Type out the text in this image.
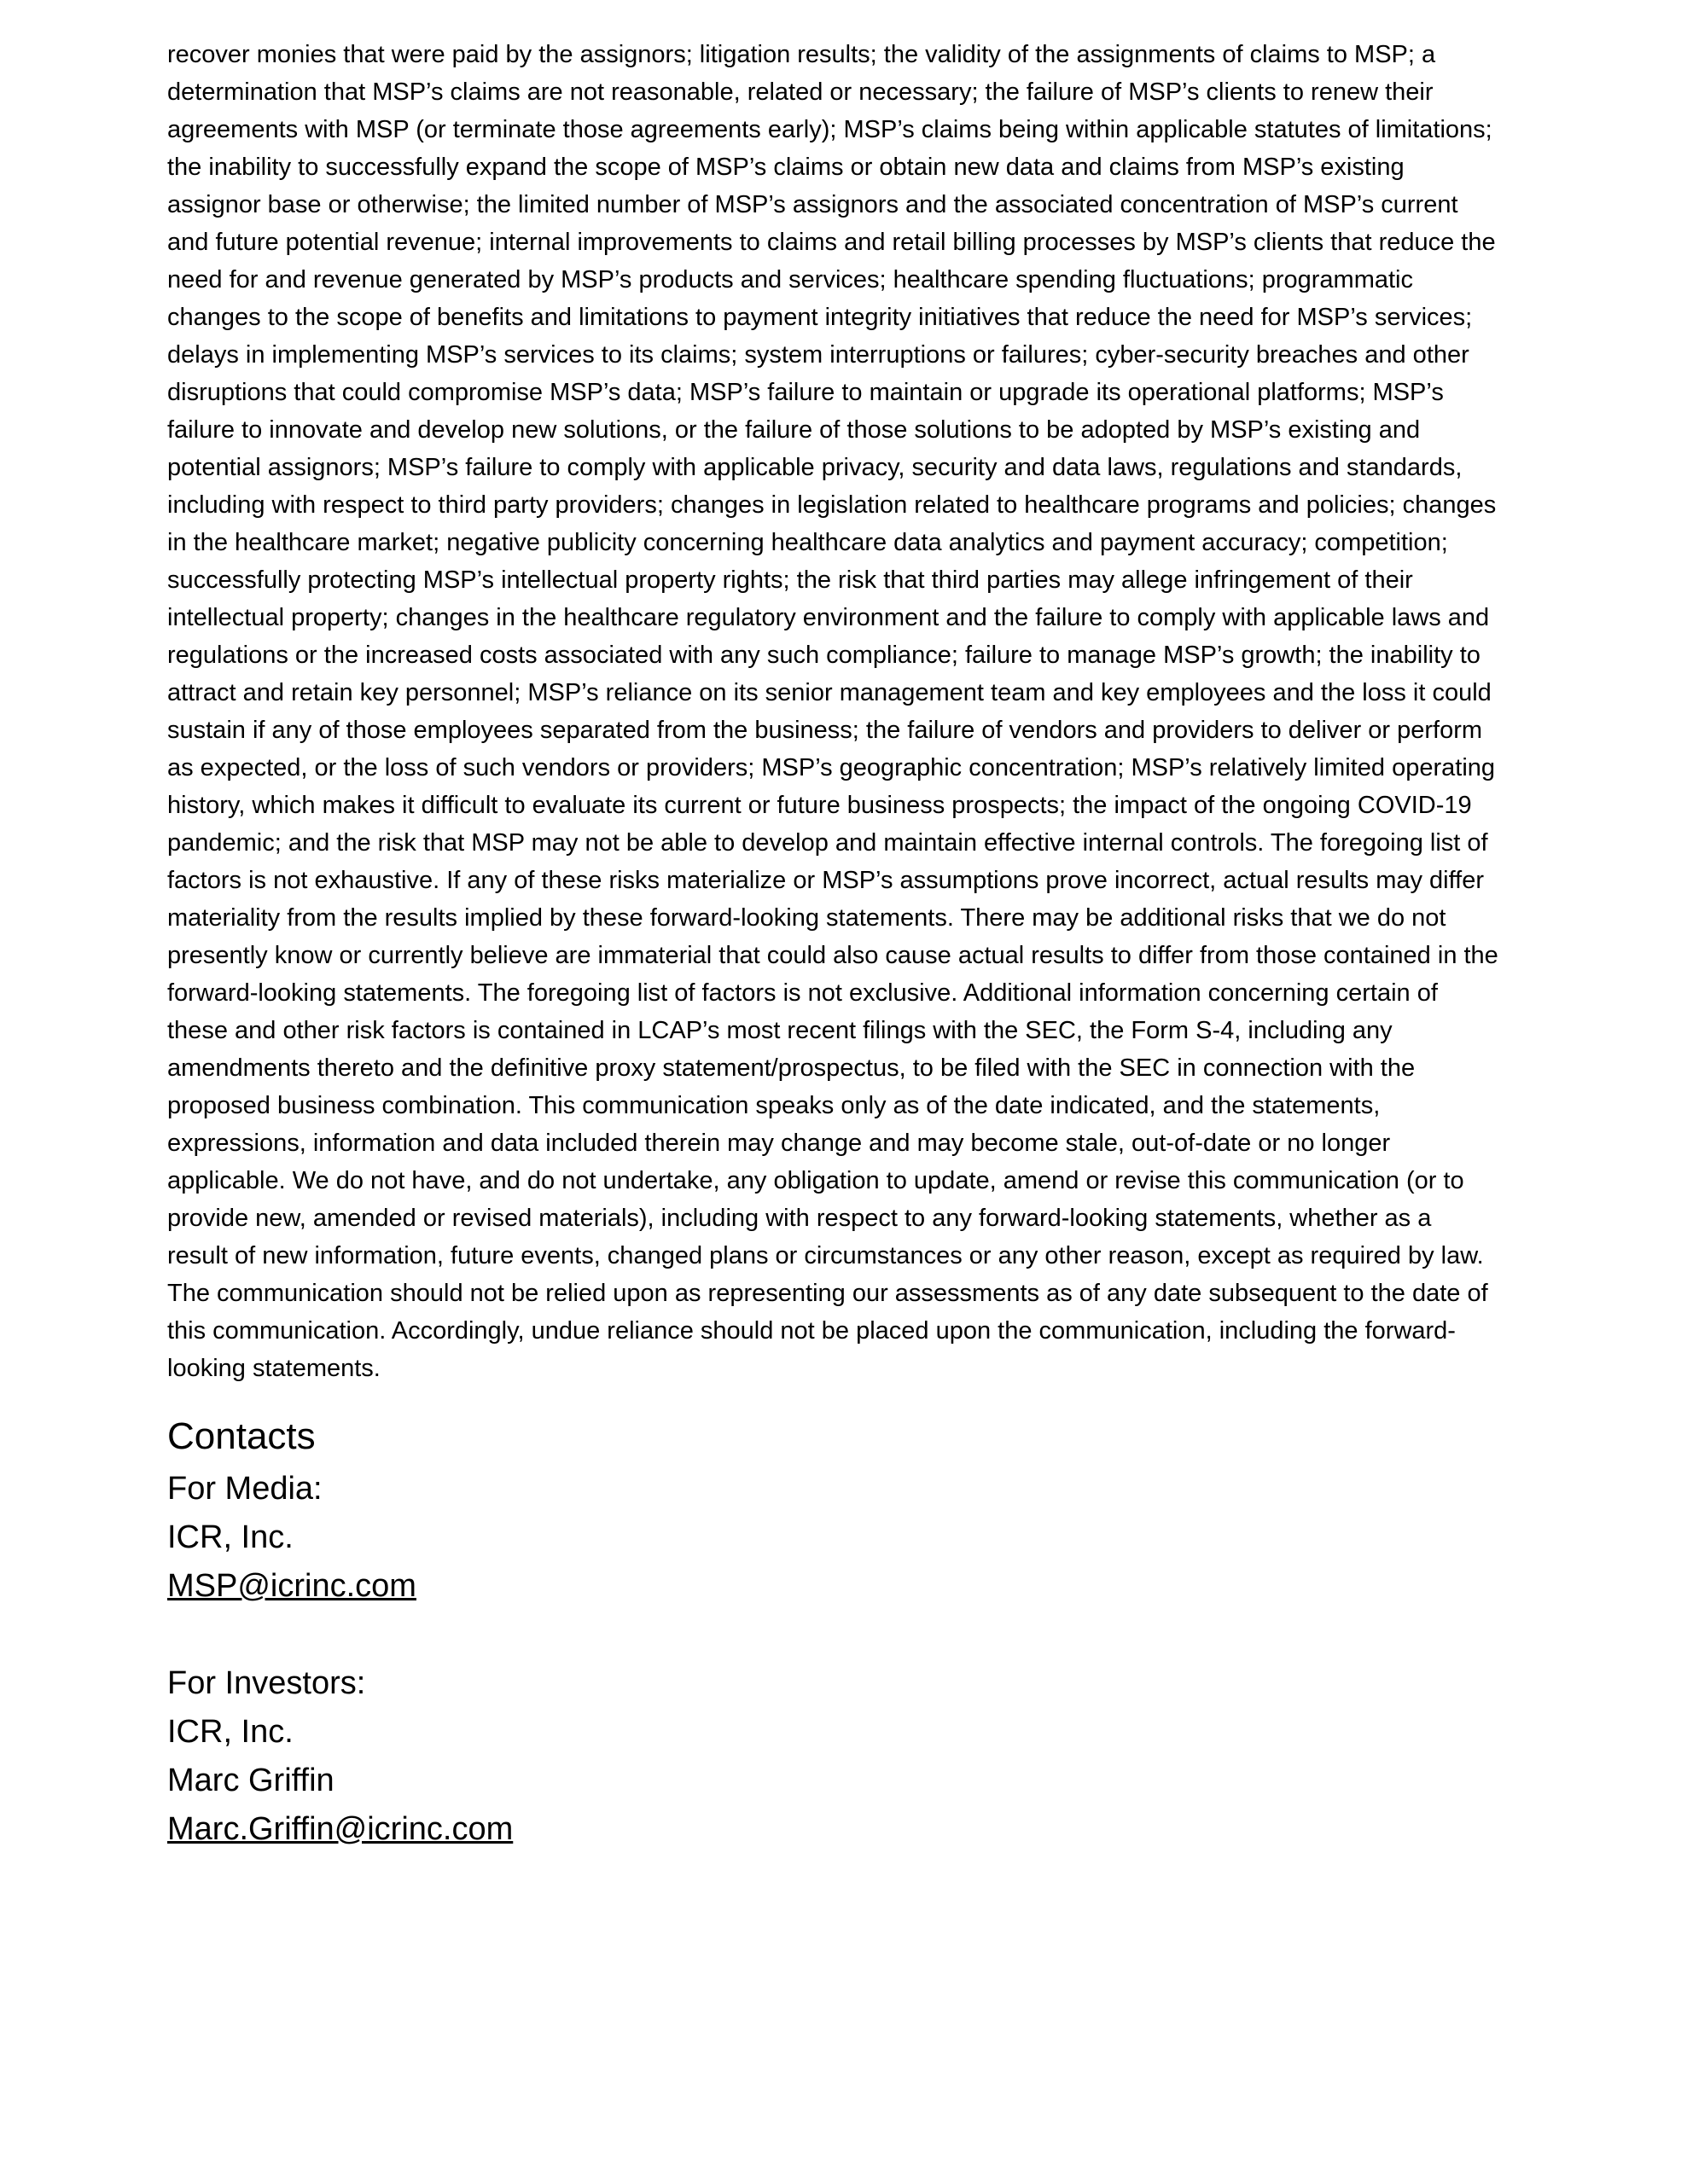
recover monies that were paid by the assignors; litigation results; the validity of the assignments of claims to MSP; a determination that MSP’s claims are not reasonable, related or necessary; the failure of MSP’s clients to renew their agreements with MSP (or terminate those agreements early); MSP’s claims being within applicable statutes of limitations; the inability to successfully expand the scope of MSP’s claims or obtain new data and claims from MSP’s existing assignor base or otherwise; the limited number of MSP’s assignors and the associated concentration of MSP’s current and future potential revenue; internal improvements to claims and retail billing processes by MSP’s clients that reduce the need for and revenue generated by MSP’s products and services; healthcare spending fluctuations; programmatic changes to the scope of benefits and limitations to payment integrity initiatives that reduce the need for MSP’s services; delays in implementing MSP’s services to its claims; system interruptions or failures; cyber-security breaches and other disruptions that could compromise MSP’s data; MSP’s failure to maintain or upgrade its operational platforms; MSP’s failure to innovate and develop new solutions, or the failure of those solutions to be adopted by MSP’s existing and potential assignors; MSP’s failure to comply with applicable privacy, security and data laws, regulations and standards, including with respect to third party providers; changes in legislation related to healthcare programs and policies; changes in the healthcare market; negative publicity concerning healthcare data analytics and payment accuracy; competition; successfully protecting MSP’s intellectual property rights; the risk that third parties may allege infringement of their intellectual property; changes in the healthcare regulatory environment and the failure to comply with applicable laws and regulations or the increased costs associated with any such compliance; failure to manage MSP’s growth; the inability to attract and retain key personnel; MSP’s reliance on its senior management team and key employees and the loss it could sustain if any of those employees separated from the business; the failure of vendors and providers to deliver or perform as expected, or the loss of such vendors or providers; MSP’s geographic concentration; MSP’s relatively limited operating history, which makes it difficult to evaluate its current or future business prospects; the impact of the ongoing COVID-19 pandemic; and the risk that MSP may not be able to develop and maintain effective internal controls. The foregoing list of factors is not exhaustive. If any of these risks materialize or MSP’s assumptions prove incorrect, actual results may differ materiality from the results implied by these forward-looking statements. There may be additional risks that we do not presently know or currently believe are immaterial that could also cause actual results to differ from those contained in the forward-looking statements. The foregoing list of factors is not exclusive. Additional information concerning certain of these and other risk factors is contained in LCAP’s most recent filings with the SEC, the Form S-4, including any amendments thereto and the definitive proxy statement/prospectus, to be filed with the SEC in connection with the proposed business combination. This communication speaks only as of the date indicated, and the statements, expressions, information and data included therein may change and may become stale, out-of-date or no longer applicable. We do not have, and do not undertake, any obligation to update, amend or revise this communication (or to provide new, amended or revised materials), including with respect to any forward-looking statements, whether as a result of new information, future events, changed plans or circumstances or any other reason, except as required by law. The communication should not be relied upon as representing our assessments as of any date subsequent to the date of this communication. Accordingly, undue reliance should not be placed upon the communication, including the forward-looking statements.

Contacts
For Media:
ICR, Inc.
MSP@icrinc.com
For Investors:
ICR, Inc.
Marc Griffin
Marc.Griffin@icrinc.com
